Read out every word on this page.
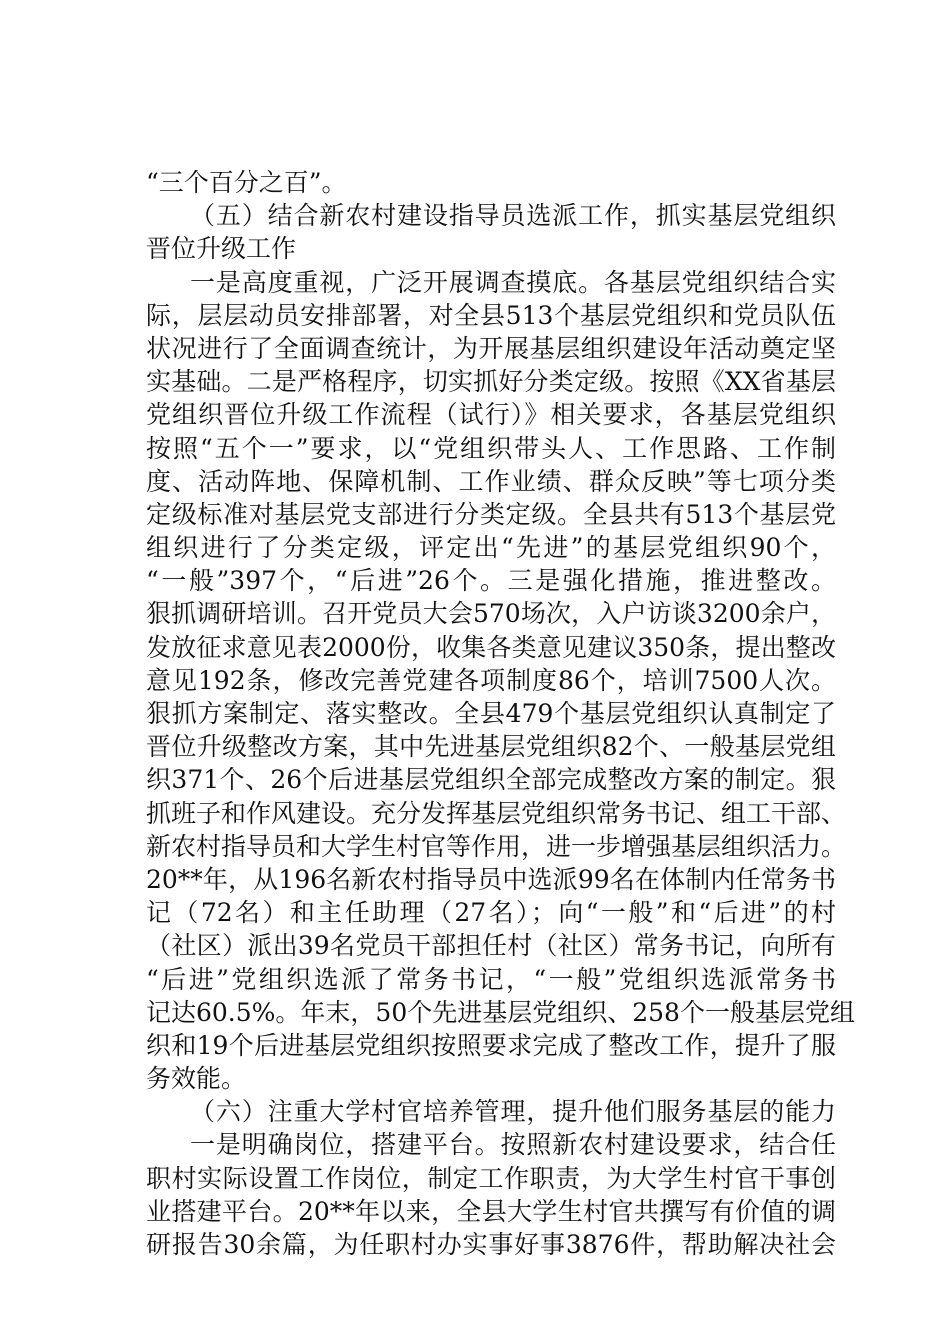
“三个百分之百”。
（五）结合新农村建设指导员选派工作，抓实基层党组织
晋位升级工作
一是高度重视，广泛开展调查摸底。各基层党组织结合实
际，层层动员安排部署，对全县513个基层党组织和党员队伍
状况进行了全面调查统计，为开展基层组织建设年活动奠定坚
实基础。二是严格程序，切实抓好分类定级。按照《XX省基层
党组织晋位升级工作流程（试行）》相关要求，各基层党组织
按照“五个一”要求，以“党组织带头人、工作思路、工作制
度、活动阵地、保障机制、工作业绩、群众反映”等七项分类
定级标准对基层党支部进行分类定级。全县共有513个基层党
组织进行了分类定级，评定出“先进”的基层党组织90个，
“一般”397个，“后进”26个。三是强化措施，推进整改。
狠抓调研培训。召开党员大会570场次，入户访谈3200余户，
发放征求意见表2000份，收集各类意见建议350条，提出整改
意见192条，修改完善党建各项制度86个，培训7500人次。
狠抓方案制定、落实整改。全县479个基层党组织认真制定了
晋位升级整改方案，其中先进基层党组织82个、一般基层党组
织371个、26个后进基层党组织全部完成整改方案的制定。狠
抓班子和作风建设。充分发挥基层党组织常务书记、组工干部、
新农村指导员和大学生村官等作用，进一步增强基层组织活力。
20**年，从196名新农村指导员中选派99名在体制内任常务书
记（72名）和主任助理（27名）；向“一般”和“后进”的村
（社区）派出39名党员干部担任村（社区）常务书记，向所有
“后进”党组织选派了常务书记，“一般”党组织选派常务书
记达60.5%。年末，50个先进基层党组织、258个一般基层党组
织和19个后进基层党组织按照要求完成了整改工作，提升了服
务效能。
（六）注重大学村官培养管理，提升他们服务基层的能力
一是明确岗位，搭建平台。按照新农村建设要求，结合任
职村实际设置工作岗位，制定工作职责，为大学生村官干事创
业搭建平台。20**年以来，全县大学生村官共撰写有价值的调
研报告30余篇，为任职村办实事好事3876件，帮助解决社会
